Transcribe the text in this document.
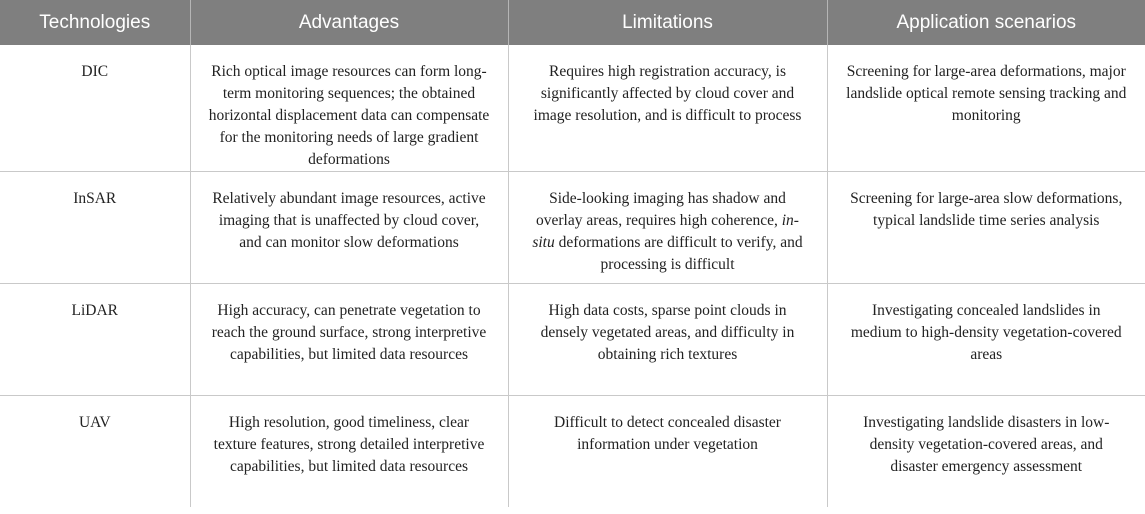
Technologies	Advantages	Limitations	Application scenarios
DIC	Rich optical image resources can form long-term monitoring sequences; the obtained horizontal displacement data can compensate for the monitoring needs of large gradient deformations	Requires high registration accuracy, is significantly affected by cloud cover and image resolution, and is difficult to process	Screening for large-area deformations, major landslide optical remote sensing tracking and monitoring
InSAR	Relatively abundant image resources, active imaging that is unaffected by cloud cover, and can monitor slow deformations	Side-looking imaging has shadow and overlay areas, requires high coherence, in-situ deformations are difficult to verify, and processing is difficult	Screening for large-area slow deformations, typical landslide time series analysis
LiDAR	High accuracy, can penetrate vegetation to reach the ground surface, strong interpretive capabilities, but limited data resources	High data costs, sparse point clouds in densely vegetated areas, and difficulty in obtaining rich textures	Investigating concealed landslides in medium to high-density vegetation-covered areas
UAV	High resolution, good timeliness, clear texture features, strong detailed interpretive capabilities, but limited data resources	Difficult to detect concealed disaster information under vegetation	Investigating landslide disasters in low-density vegetation-covered areas, and disaster emergency assessment
